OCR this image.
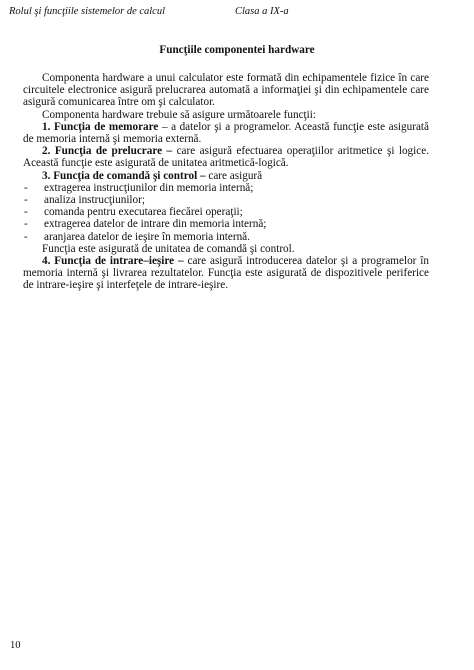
Rolul şi funcţiile sistemelor de calcul	Clasa a IX-a
Funcţiile componentei hardware

Componenta hardware a unui calculator este formată din echipamentele fizice în care circuitele electronice asigură prelucrarea automată a informaţiei şi din echipamentele care asigură comunicarea între om şi calculator.

Componenta hardware trebuie să asigure următoarele funcţii:

1. Funcţia de memorare – a datelor şi a programelor. Această funcţie este asigurată de memoria internă şi memoria externă.

2. Funcţia de prelucrare – care asigură efectuarea operaţiilor aritmetice şi logice. Această funcţie este asigurată de unitatea aritmetică-logică.

3. Funcţia de comandă şi control – care asigură

- extragerea instrucţiunilor din memoria internă;
- analiza instrucţiunilor;
- comanda pentru executarea fiecărei operaţii;
- extragerea datelor de intrare din memoria internă;
- aranjarea datelor de ieşire în memoria internă.

Funcţia este asigurată de unitatea de comandă şi control.

4. Funcţia de intrare–ieşire – care asigură introducerea datelor şi a programelor în memoria internă şi livrarea rezultatelor. Funcţia este asigurată de dispozitivele periferice de intrare-ieşire şi interfeţele de intrare-ieşire.

10
